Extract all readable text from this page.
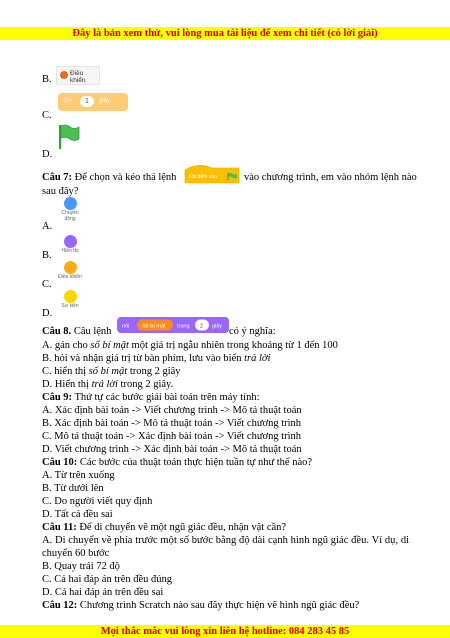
Đây là bản xem thử, vui lòng mua tài liệu để xem chi tiết (có lời giải)
B.
Điều khiển
C.
đợi	1	giây
D.
Câu 7: Để chọn và kéo thả lệnh	Khi bấm vào	vào chương trình, em vào nhóm lệnh nào
sau đây?
A.
Chuyển động
B.	Hiển thị
C.
Điều khiển
D.
Sự kiện
Câu 8. Câu lệnh nói Số bí mật trong 2 giây có ý nghĩa:
A. gán cho số bí mật một giá trị ngẫu nhiên trong khoảng từ 1 đến 100
B. hỏi và nhận giá trị từ bàn phím, lưu vào biến trả lời
C. hiển thị số bí mật trong 2 giây
D. Hiển thị trả lời trong 2 giây.
Câu 9: Thứ tự các bước giải bài toán trên máy tính:
A. Xác định bài toán -> Viết chương trình -> Mô tả thuật toán
B. Xác định bài toán -> Mô tả thuật toán -> Viết chương trình
C. Mô tả thuật toán -> Xác định bài toán -> Viết chương trình
D. Viết chương trình -> Xác định bài toán -> Mô tả thuật toán
Câu 10: Các bước của thuật toán thực hiện tuần tự như thế nào?
A. Từ trên xuống
B. Từ dưới lên
C. Do người viết quy định
D. Tất cả đều sai
Câu 11: Để di chuyển vẽ một ngũ giác đều, nhận vật cần?
A. Di chuyển về phía trước một số bước bằng độ dài cạnh hình ngũ giác đều. Ví dụ, di
chuyển 60 bước
B. Quay trái 72 độ
C. Cả hai đáp án trên đều đúng
D. Cả hai đáp án trên đều sai
Câu 12: Chương trình Scratch nào sau đây thực hiện vẽ hình ngũ giác đều?
Mọi thắc mắc vui lòng xin liên hệ hotline: 084 283 45 85
